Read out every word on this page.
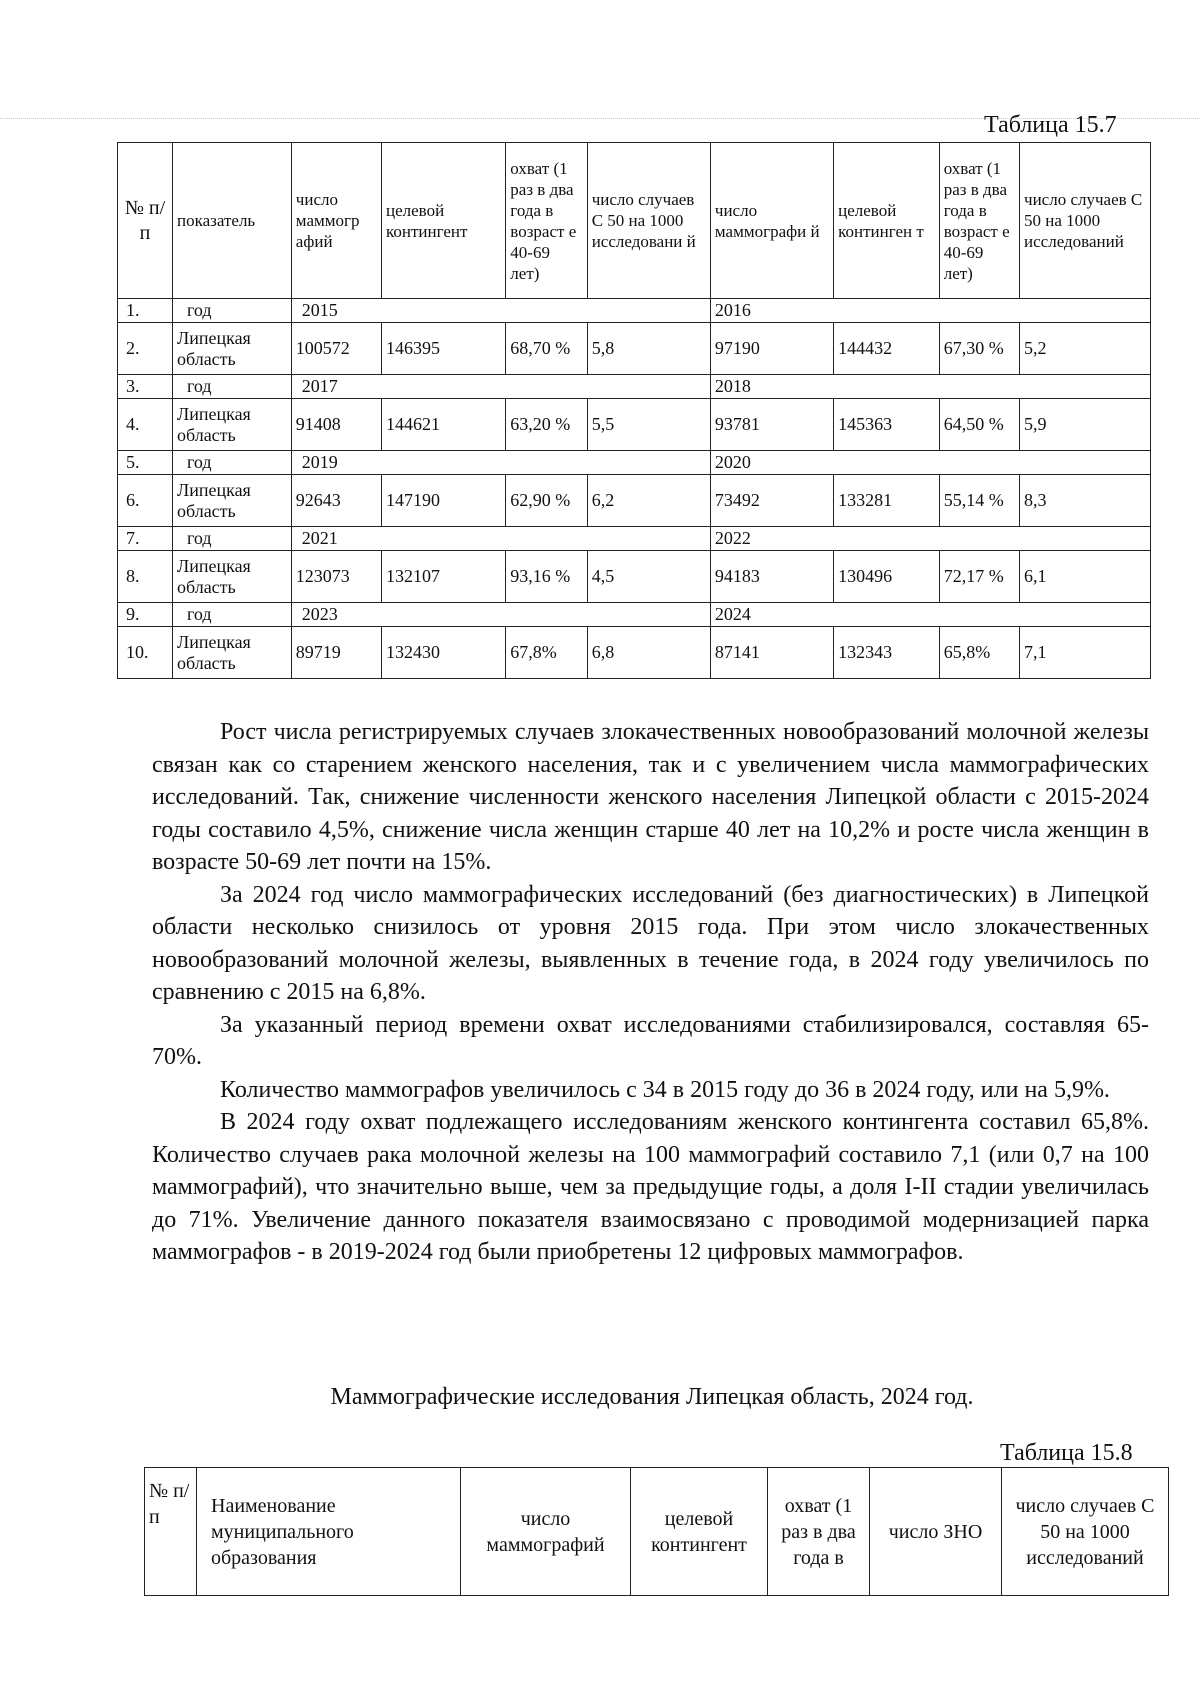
Таблица 15.7
№ п/п	показатель	число маммогр афий	целевой контингент	охват (1 раз в два года в возраст е 40-69 лет)	число случаев С 50 на 1000 исследовани й	число маммографи й	целевой континген т	охват (1 раз в два года в возраст е 40-69 лет)	число случаев С 50 на 1000 исследований
1.	год	2015				2016			
2.	Липецкая область	100572	146395	68,70 %	5,8	97190	144432	67,30 %	5,2
3.	год	2017				2018			
4.	Липецкая область	91408	144621	63,20 %	5,5	93781	145363	64,50 %	5,9
5.	год	2019				2020			
6.	Липецкая область	92643	147190	62,90 %	6,2	73492	133281	55,14 %	8,3
7.	год	2021				2022			
8.	Липецкая область	123073	132107	93,16 %	4,5	94183	130496	72,17 %	6,1
9.	год	2023				2024			
10.	Липецкая область	89719	132430	67,8%	6,8	87141	132343	65,8%	7,1

Рост числа регистрируемых случаев злокачественных новообразований молочной железы связан как со старением женского населения, так и с увеличением числа маммографических исследований. Так, снижение численности женского населения Липецкой области с 2015-2024 годы составило 4,5%, снижение числа женщин старше 40 лет на 10,2% и росте числа женщин в возрасте 50-69 лет почти на 15%.

За 2024 год число маммографических исследований (без диагностических) в Липецкой области несколько снизилось от уровня 2015 года. При этом число злокачественных новообразований молочной железы, выявленных в течение года, в 2024 году увеличилось по сравнению с 2015 на 6,8%.

За указанный период времени охват исследованиями стабилизировался, составляя 65-70%.

Количество маммографов увеличилось с 34 в 2015 году до 36 в 2024 году, или на 5,9%.

В 2024 году охват подлежащего исследованиям женского контингента составил 65,8%. Количество случаев рака молочной железы на 100 маммографий составило 7,1 (или 0,7 на 100 маммографий), что значительно выше, чем за предыдущие годы, а доля I-II стадии увеличилась до 71%. Увеличение данного показателя взаимосвязано с проводимой модернизацией парка маммографов - в 2019-2024 год были приобретены 12 цифровых маммографов.

Маммографические исследования Липецкая область, 2024 год.
Таблица 15.8
№ п/п	Наименование муниципального образования	число маммографий	целевой контингент	охват (1 раз в два года в	число ЗНО	число случаев С 50 на 1000 исследований
